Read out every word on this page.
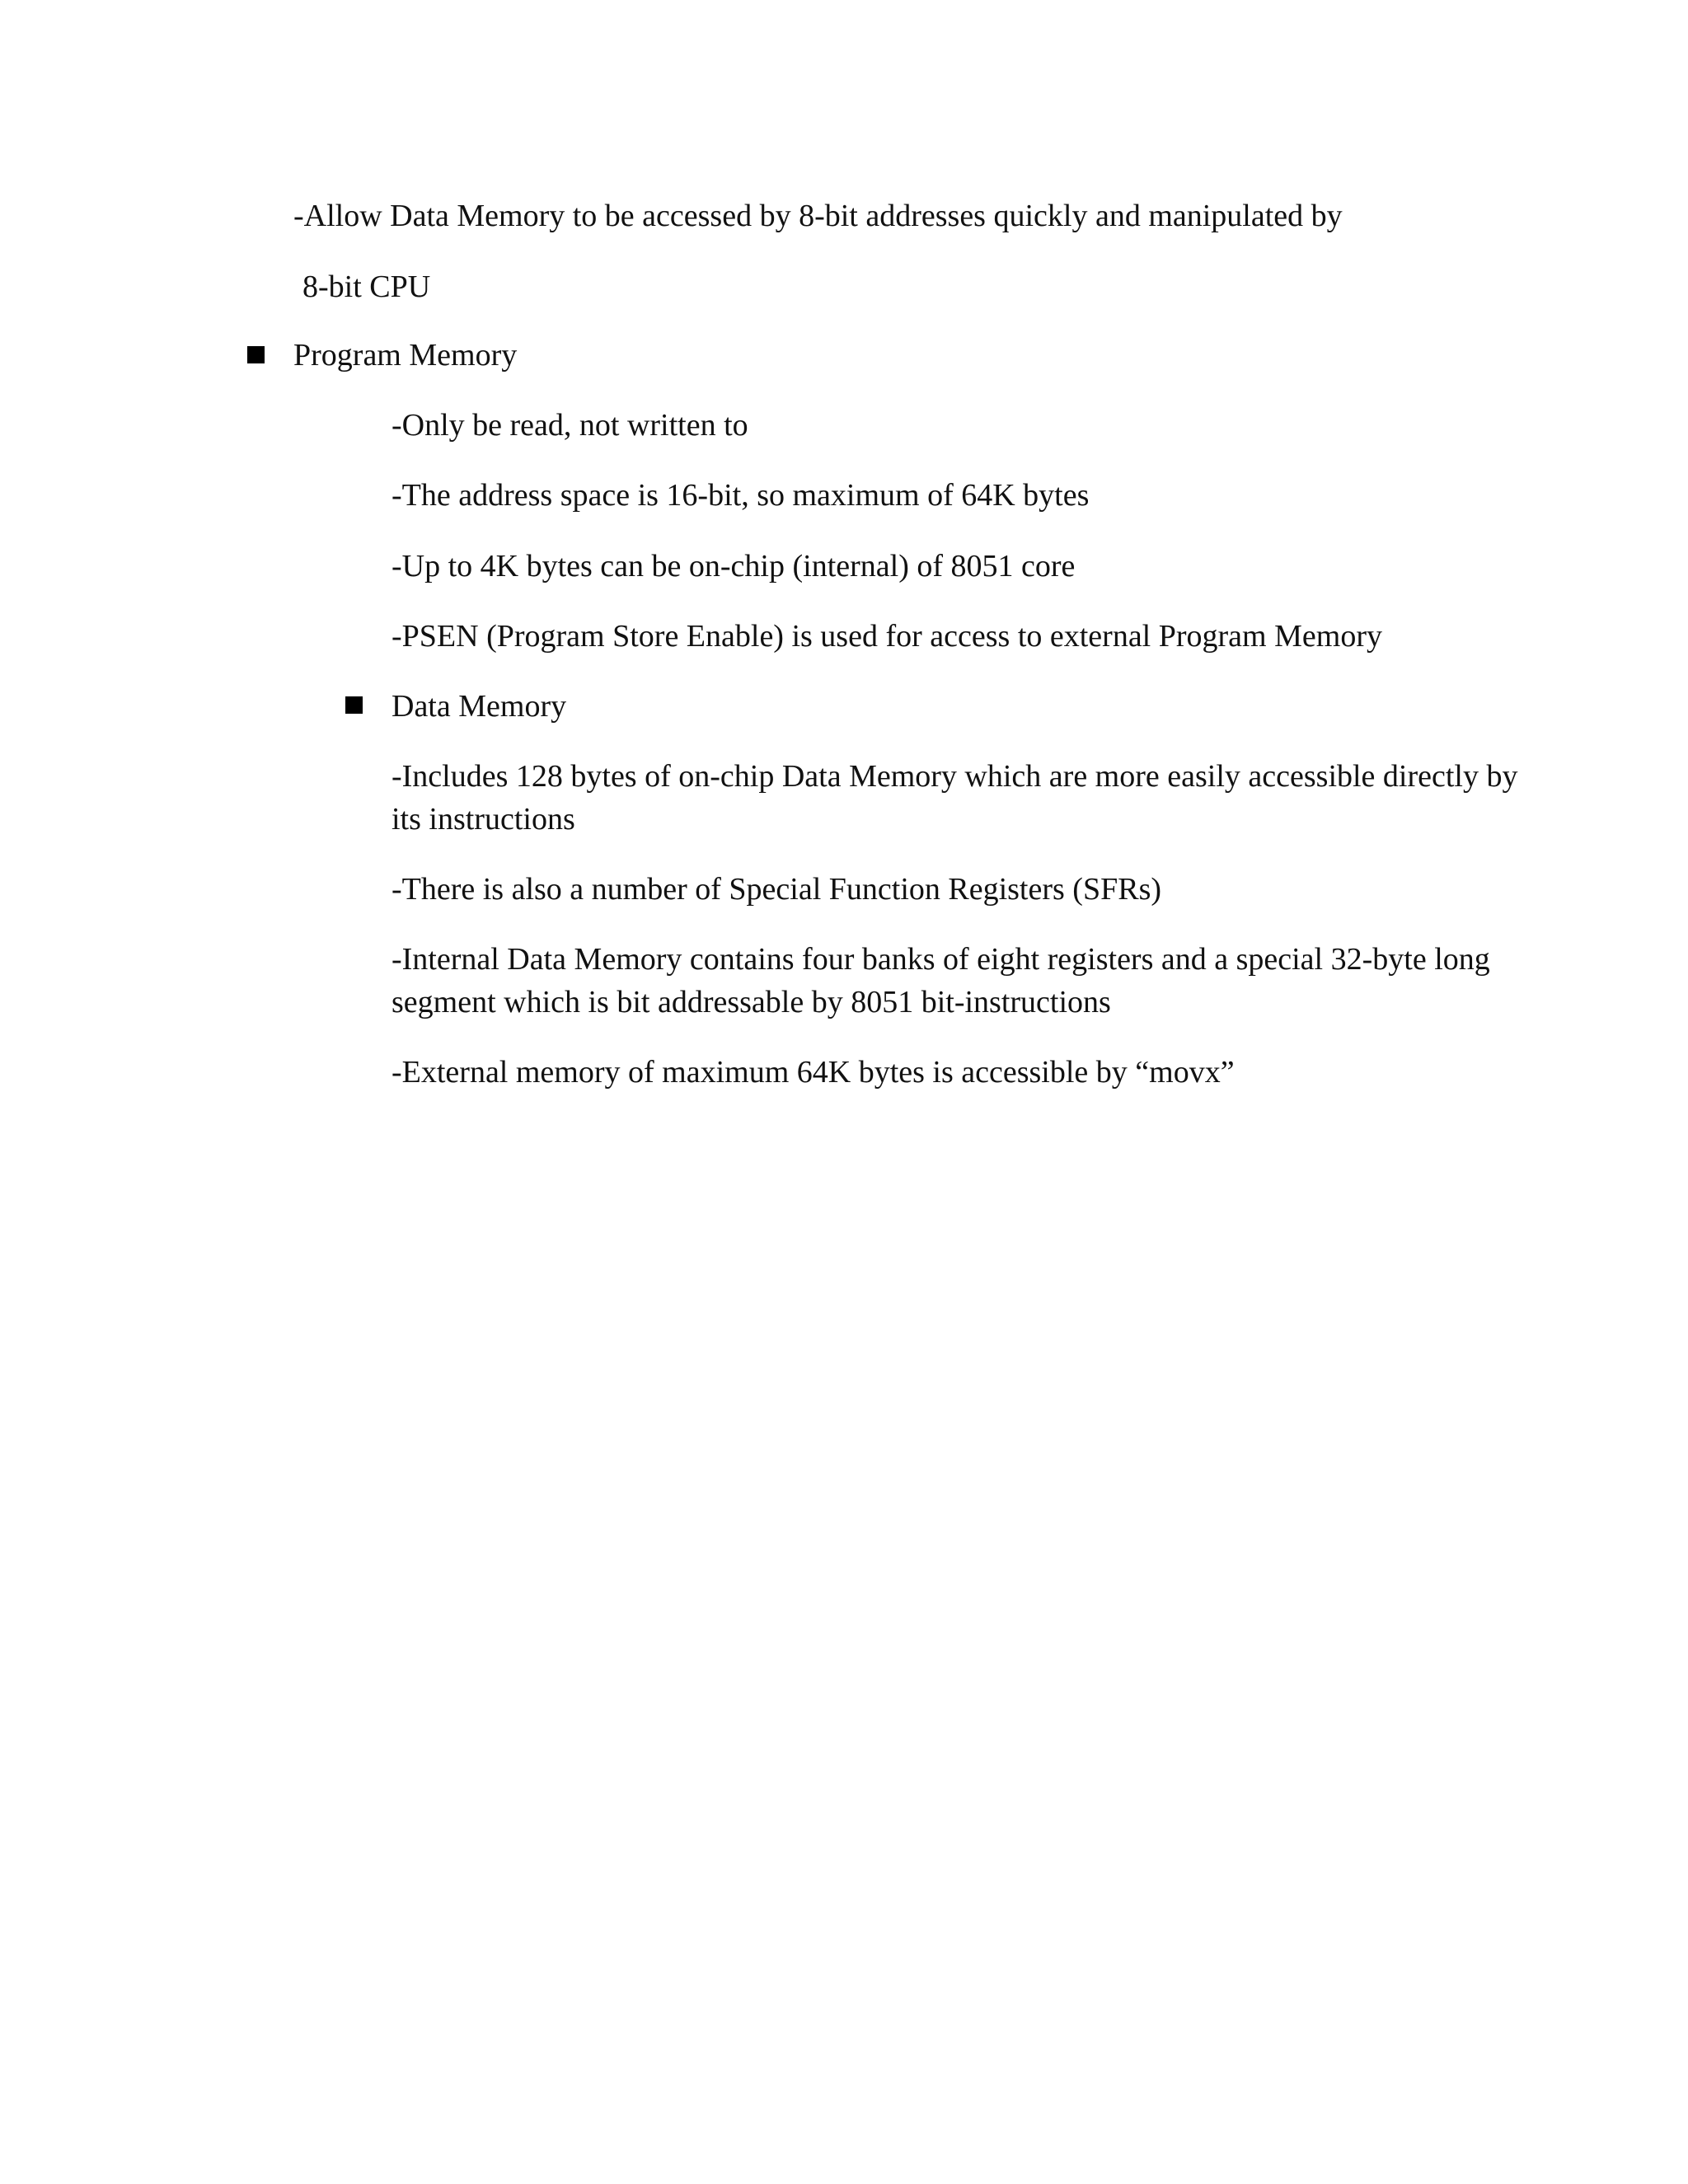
-Allow Data Memory to be accessed by 8-bit addresses quickly and manipulated by
8-bit CPU
Program Memory
-Only be read, not written to
-The address space is 16-bit, so maximum of 64K bytes
-Up to 4K bytes can be on-chip (internal) of 8051 core
-PSEN (Program Store Enable) is used for access to external Program Memory
Data Memory
-Includes 128 bytes of on-chip Data Memory which are more easily accessible directly by its instructions
-There is also a number of Special Function Registers (SFRs)
-Internal Data Memory contains four banks of eight registers and a special 32-byte long segment which is bit addressable by 8051 bit-instructions
-External memory of maximum 64K bytes is accessible by “movx”
